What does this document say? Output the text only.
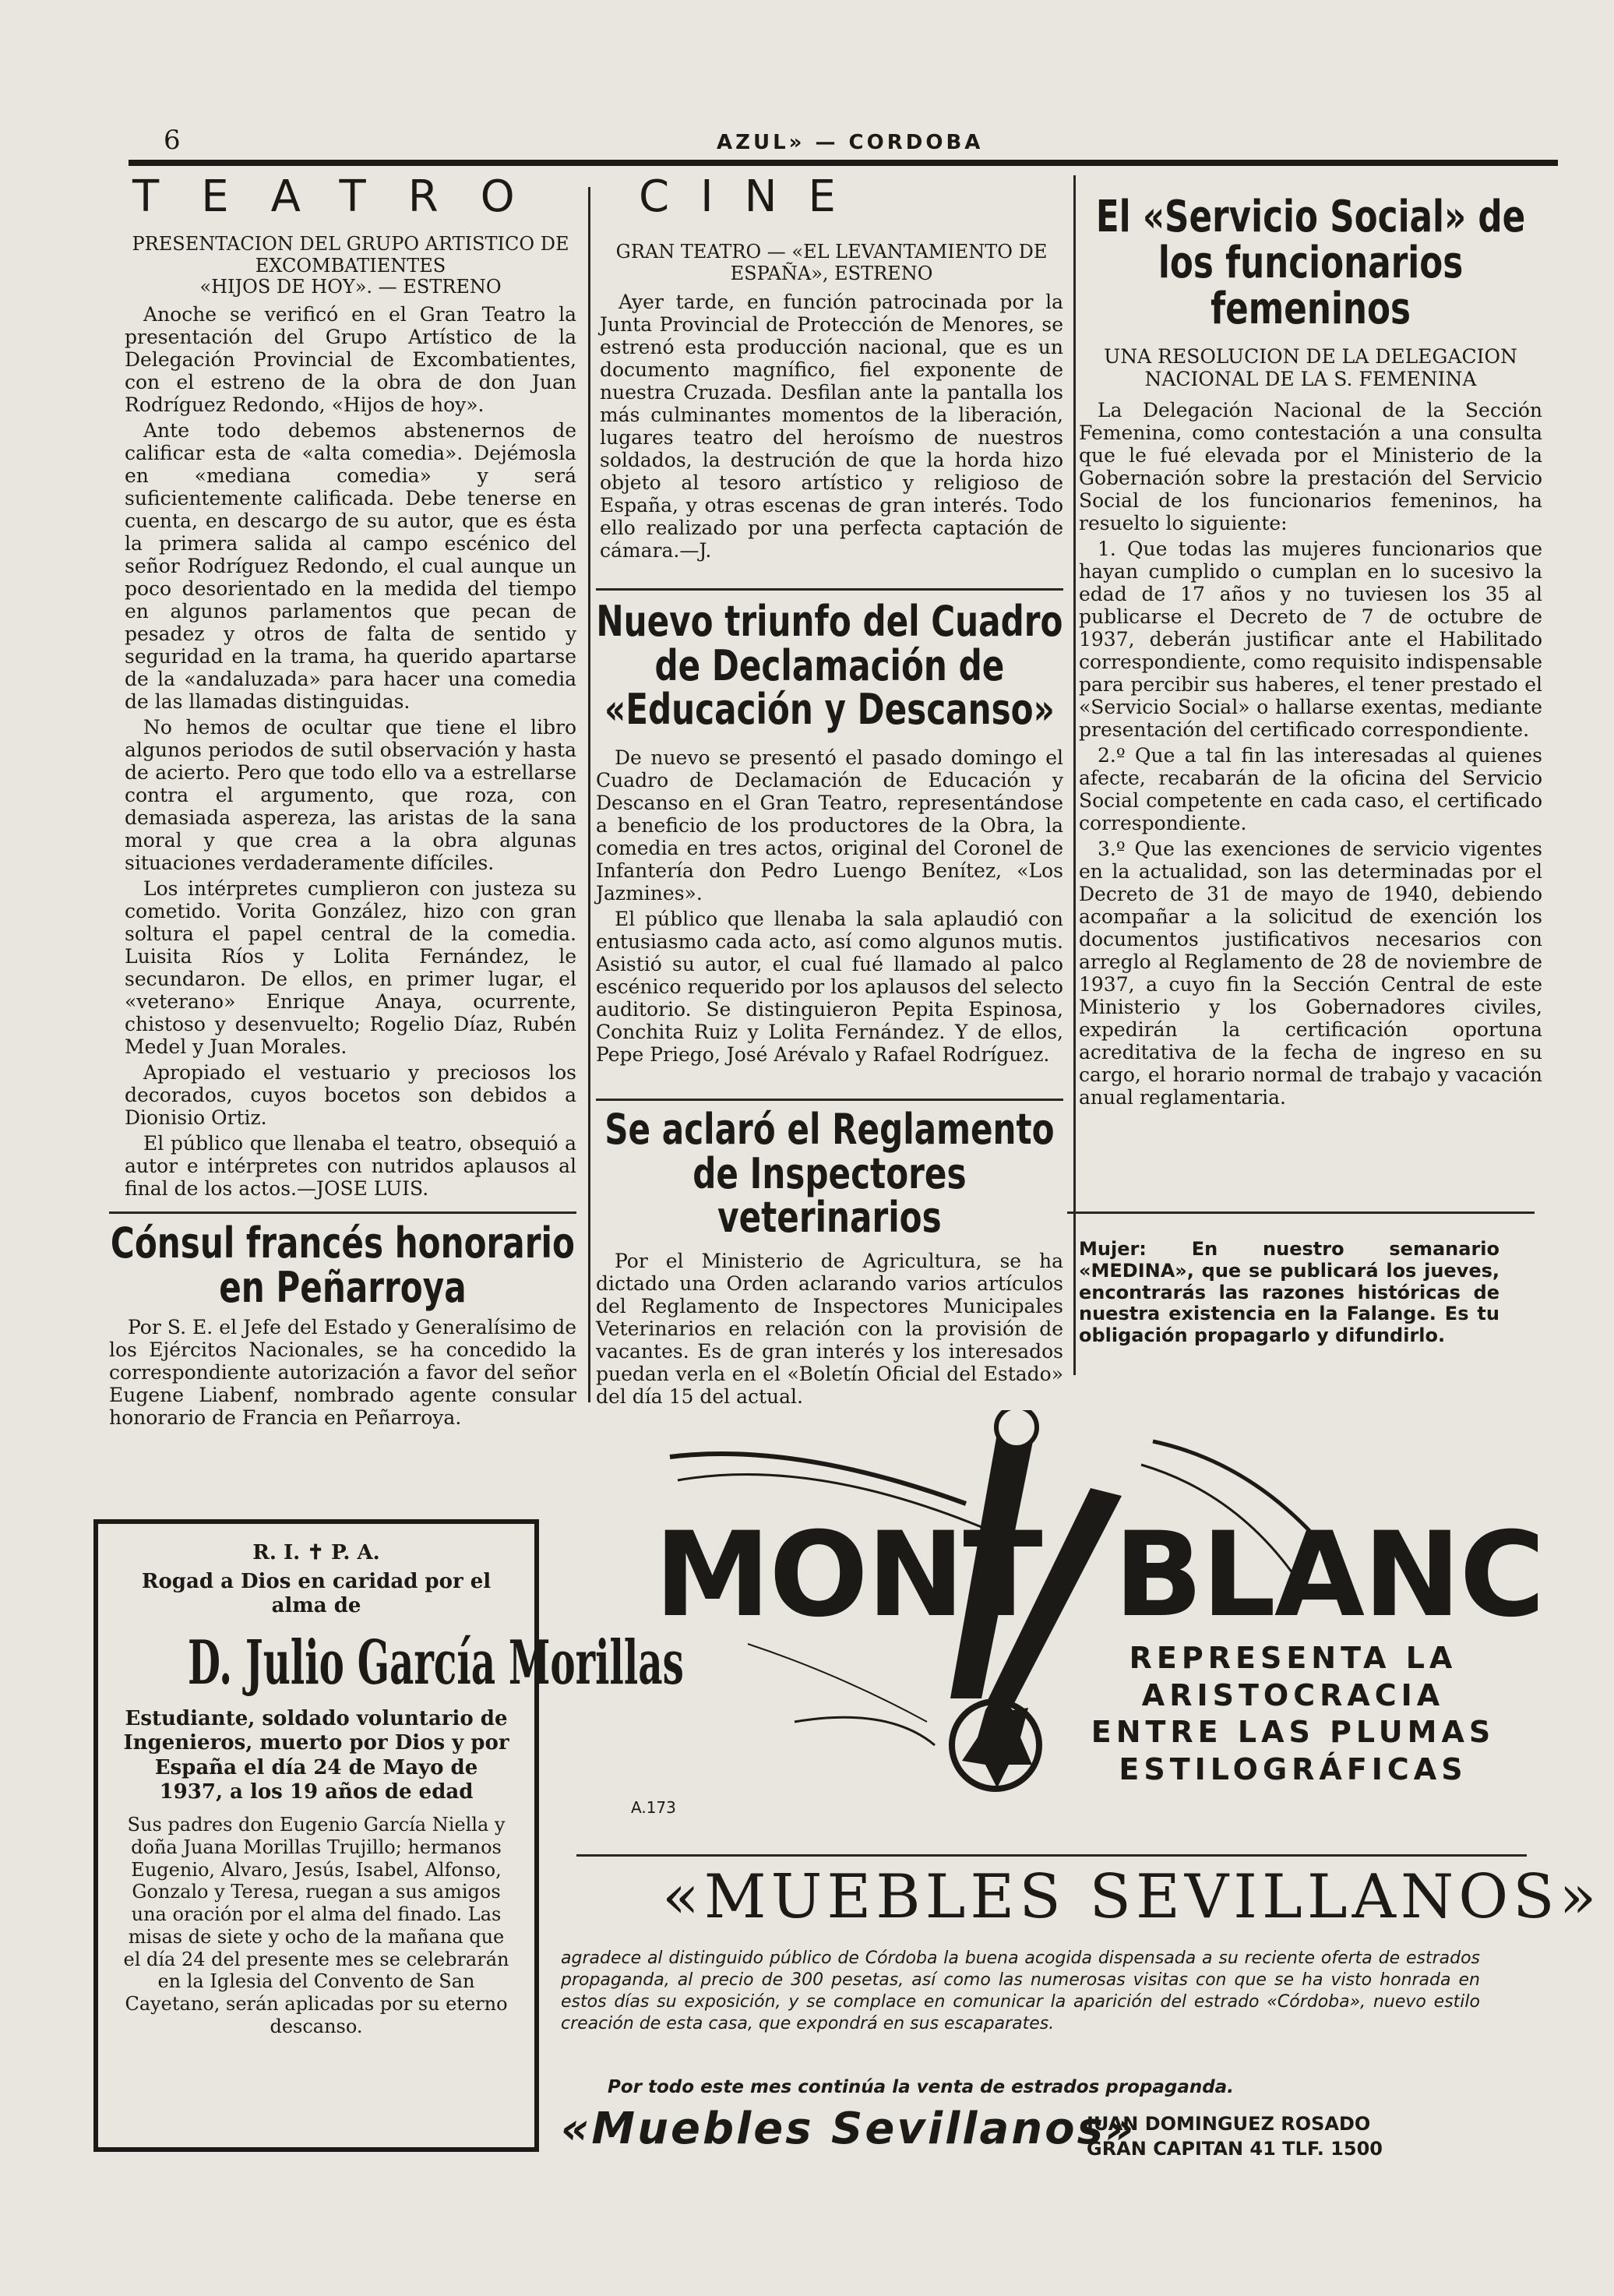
6	AZUL» — CORDOBA
TEATRO CINE
PRESENTACION DEL GRUPO ARTISTICO DE EXCOMBATIENTES
«HIJOS DE HOY». — ESTRENO

Anoche se verificó en el Gran Teatro la presentación del Grupo Artístico de la Delegación Provincial de Excombatientes, con el estreno de la obra de don Juan Rodríguez Redondo, «Hijos de hoy».

Ante todo debemos abstenernos de calificar esta de «alta comedia». Dejémosla en «mediana comedia» y será suficientemente calificada. Debe tenerse en cuenta, en descargo de su autor, que es ésta la primera salida al campo escénico del señor Rodríguez Redondo, el cual aunque un poco desorientado en la medida del tiempo en algunos parlamentos que pecan de pesadez y otros de falta de sentido y seguridad en la trama, ha querido apartarse de la «andaluzada» para hacer una comedia de las llamadas distinguidas.

No hemos de ocultar que tiene el libro algunos periodos de sutil observación y hasta de acierto. Pero que todo ello va a estrellarse contra el argumento, que roza, con demasiada aspereza, las aristas de la sana moral y que crea a la obra algunas situaciones verdaderamente difíciles.

Los intérpretes cumplieron con justeza su cometido. Vorita González, hizo con gran soltura el papel central de la comedia. Luisita Ríos y Lolita Fernández, le secundaron. De ellos, en primer lugar, el «veterano» Enrique Anaya, ocurrente, chistoso y desenvuelto; Rogelio Díaz, Rubén Medel y Juan Morales.

Apropiado el vestuario y preciosos los decorados, cuyos bocetos son debidos a Dionisio Ortiz.

El público que llenaba el teatro, obsequió a autor e intérpretes con nutridos aplausos al final de los actos.—JOSE LUIS.

Cónsul francés honorario en Peñarroya

Por S. E. el Jefe del Estado y Generalísimo de los Ejércitos Nacionales, se ha concedido la correspondiente autorización a favor del señor Eugene Liabenf, nombrado agente consular honorario de Francia en Peñarroya.

R. I. ✝ P. A.
Rogad a Dios en caridad por el alma de
D. Julio García Morillas
Estudiante, soldado voluntario de Ingenieros, muerto por Dios y por España el día 24 de Mayo de 1937, a los 19 años de edad
Sus padres don Eugenio García Niella y doña Juana Morillas Trujillo; hermanos Eugenio, Alvaro, Jesús, Isabel, Alfonso, Gonzalo y Teresa, ruegan a sus amigos una oración por el alma del finado. Las misas de siete y ocho de la mañana que el día 24 del presente mes se celebrarán en la Iglesia del Convento de San Cayetano, serán aplicadas por su eterno descanso.
GRAN TEATRO — «EL LEVANTAMIENTO DE ESPAÑA», ESTRENO

Ayer tarde, en función patrocinada por la Junta Provincial de Protección de Menores, se estrenó esta producción nacional, que es un documento magnífico, fiel exponente de nuestra Cruzada. Desfilan ante la pantalla los más culminantes momentos de la liberación, lugares teatro del heroísmo de nuestros soldados, la destrución de que la horda hizo objeto al tesoro artístico y religioso de España, y otras escenas de gran interés. Todo ello realizado por una perfecta captación de cámara.—J.

Nuevo triunfo del Cuadro de Declamación de «Educación y Descanso»

De nuevo se presentó el pasado domingo el Cuadro de Declamación de Educación y Descanso en el Gran Teatro, representándose a beneficio de los productores de la Obra, la comedia en tres actos, original del Coronel de Infantería don Pedro Luengo Benítez, «Los Jazmines».

El público que llenaba la sala aplaudió con entusiasmo cada acto, así como algunos mutis. Asistió su autor, el cual fué llamado al palco escénico requerido por los aplausos del selecto auditorio. Se distinguieron Pepita Espinosa, Conchita Ruiz y Lolita Fernández. Y de ellos, Pepe Priego, José Arévalo y Rafael Rodríguez.

Se aclaró el Reglamento de Inspectores veterinarios

Por el Ministerio de Agricultura, se ha dictado una Orden aclarando varios artículos del Reglamento de Inspectores Municipales Veterinarios en relación con la provisión de vacantes. Es de gran interés y los interesados puedan verla en el «Boletín Oficial del Estado» del día 15 del actual.

El «Servicio Social» de los funcionarios femeninos
UNA RESOLUCION DE LA DELEGACION NACIONAL DE LA S. FEMENINA

La Delegación Nacional de la Sección Femenina, como contestación a una consulta que le fué elevada por el Ministerio de la Gobernación sobre la prestación del Servicio Social de los funcionarios femeninos, ha resuelto lo siguiente:

1. Que todas las mujeres funcionarios que hayan cumplido o cumplan en lo sucesivo la edad de 17 años y no tuviesen los 35 al publicarse el Decreto de 7 de octubre de 1937, deberán justificar ante el Habilitado correspondiente, como requisito indispensable para percibir sus haberes, el tener prestado el «Servicio Social» o hallarse exentas, mediante presentación del certificado correspondiente.

2.º Que a tal fin las interesadas al quienes afecte, recabarán de la oficina del Servicio Social competente en cada caso, el certificado correspondiente.

3.º Que las exenciones de servicio vigentes en la actualidad, son las determinadas por el Decreto de 31 de mayo de 1940, debiendo acompañar a la solicitud de exención los documentos justificativos necesarios con arreglo al Reglamento de 28 de noviembre de 1937, a cuyo fin la Sección Central de este Ministerio y los Gobernadores civiles, expedirán la certificación oportuna acreditativa de la fecha de ingreso en su cargo, el horario normal de trabajo y vacación anual reglamentaria.

Mujer: En nuestro semanario «MEDINA», que se publicará los jueves, encontrarás las razones históricas de nuestra existencia en la Falange. Es tu obligación propagarlo y difundirlo.

MONT BLANC
REPRESENTA LA
ARISTOCRACIA
ENTRE LAS PLUMAS
ESTILOGRÁFICAS
A.173
«MUEBLES SEVILLANOS»
agradece al distinguido público de Córdoba la buena acogida dispensada a su reciente oferta de estrados propaganda, al precio de 300 pesetas, así como las numerosas visitas con que se ha visto honrada en estos días su exposición, y se complace en comunicar la aparición del estrado «Córdoba», nuevo estilo creación de esta casa, que expondrá en sus escaparates.
Por todo este mes continúa la venta de estrados propaganda.
«Muebles Sevillanos»
JUAN DOMINGUEZ ROSADO
GRAN CAPITAN 41 TLF. 1500
